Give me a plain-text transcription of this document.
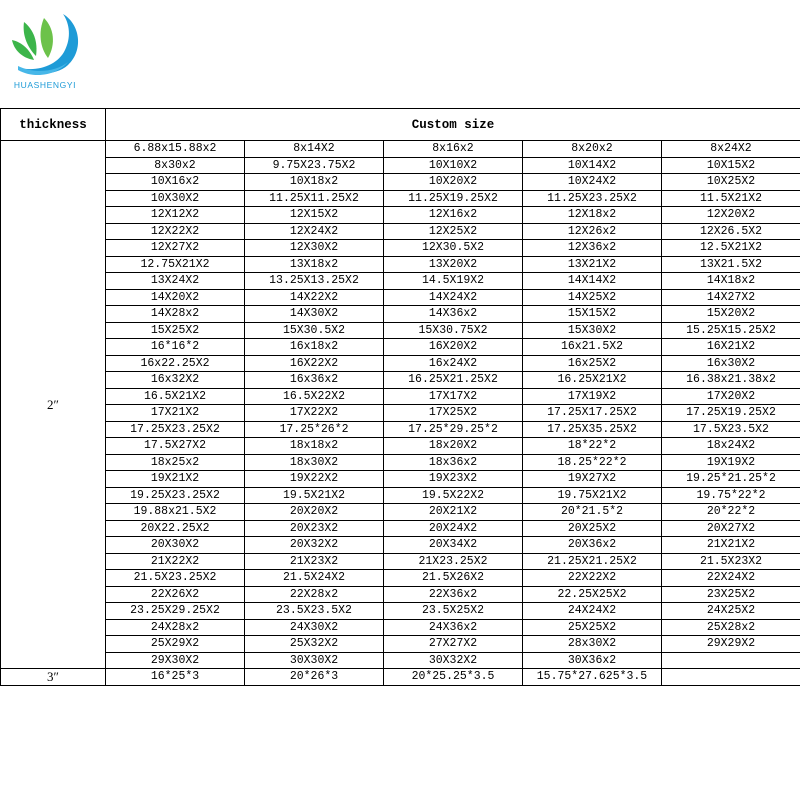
HUASHENGYI
thickness	Custom size				
2″	6.88x15.88x2	8x14X2	8x16x2	8x20x2	8x24X2
	8x30x2	9.75X23.75X2	10X10X2	10X14X2	10X15X2
	10X16x2	10X18x2	10X20X2	10X24X2	10X25X2
	10X30X2	11.25X11.25X2	11.25X19.25X2	11.25X23.25X2	11.5X21X2
	12X12X2	12X15X2	12X16x2	12X18x2	12X20X2
	12X22X2	12X24X2	12X25X2	12X26x2	12X26.5X2
	12X27X2	12X30X2	12X30.5X2	12X36x2	12.5X21X2
	12.75X21X2	13X18x2	13X20X2	13X21X2	13X21.5X2
	13X24X2	13.25X13.25X2	14.5X19X2	14X14X2	14X18x2
	14X20X2	14X22X2	14X24X2	14X25X2	14X27X2
	14X28x2	14X30X2	14X36x2	15X15X2	15X20X2
	15X25X2	15X30.5X2	15X30.75X2	15X30X2	15.25X15.25X2
	16*16*2	16x18x2	16X20X2	16x21.5X2	16X21X2
	16x22.25X2	16X22X2	16x24X2	16x25X2	16x30X2
	16x32X2	16x36x2	16.25X21.25X2	16.25X21X2	16.38x21.38x2
	16.5X21X2	16.5X22X2	17X17X2	17X19X2	17X20X2
	17X21X2	17X22X2	17X25X2	17.25X17.25X2	17.25X19.25X2
	17.25X23.25X2	17.25*26*2	17.25*29.25*2	17.25X35.25X2	17.5X23.5X2
	17.5X27X2	18x18x2	18x20X2	18*22*2	18x24X2
	18x25x2	18x30X2	18x36x2	18.25*22*2	19X19X2
	19X21X2	19X22X2	19X23X2	19X27X2	19.25*21.25*2
	19.25X23.25X2	19.5X21X2	19.5X22X2	19.75X21X2	19.75*22*2
	19.88x21.5X2	20X20X2	20X21X2	20*21.5*2	20*22*2
	20X22.25X2	20X23X2	20X24X2	20X25X2	20X27X2
	20X30X2	20X32X2	20X34X2	20X36x2	21X21X2
	21X22X2	21X23X2	21X23.25X2	21.25X21.25X2	21.5X23X2
	21.5X23.25X2	21.5X24X2	21.5X26X2	22X22X2	22X24X2
	22X26X2	22X28x2	22X36x2	22.25X25X2	23X25X2
	23.25X29.25X2	23.5X23.5X2	23.5X25X2	24X24X2	24X25X2
	24X28x2	24X30X2	24X36x2	25X25X2	25X28x2
	25X29X2	25X32X2	27X27X2	28x30X2	29X29X2
	29X30X2	30X30X2	30X32X2	30X36x2	
3″	16*25*3	20*26*3	20*25.25*3.5	15.75*27.625*3.5	
